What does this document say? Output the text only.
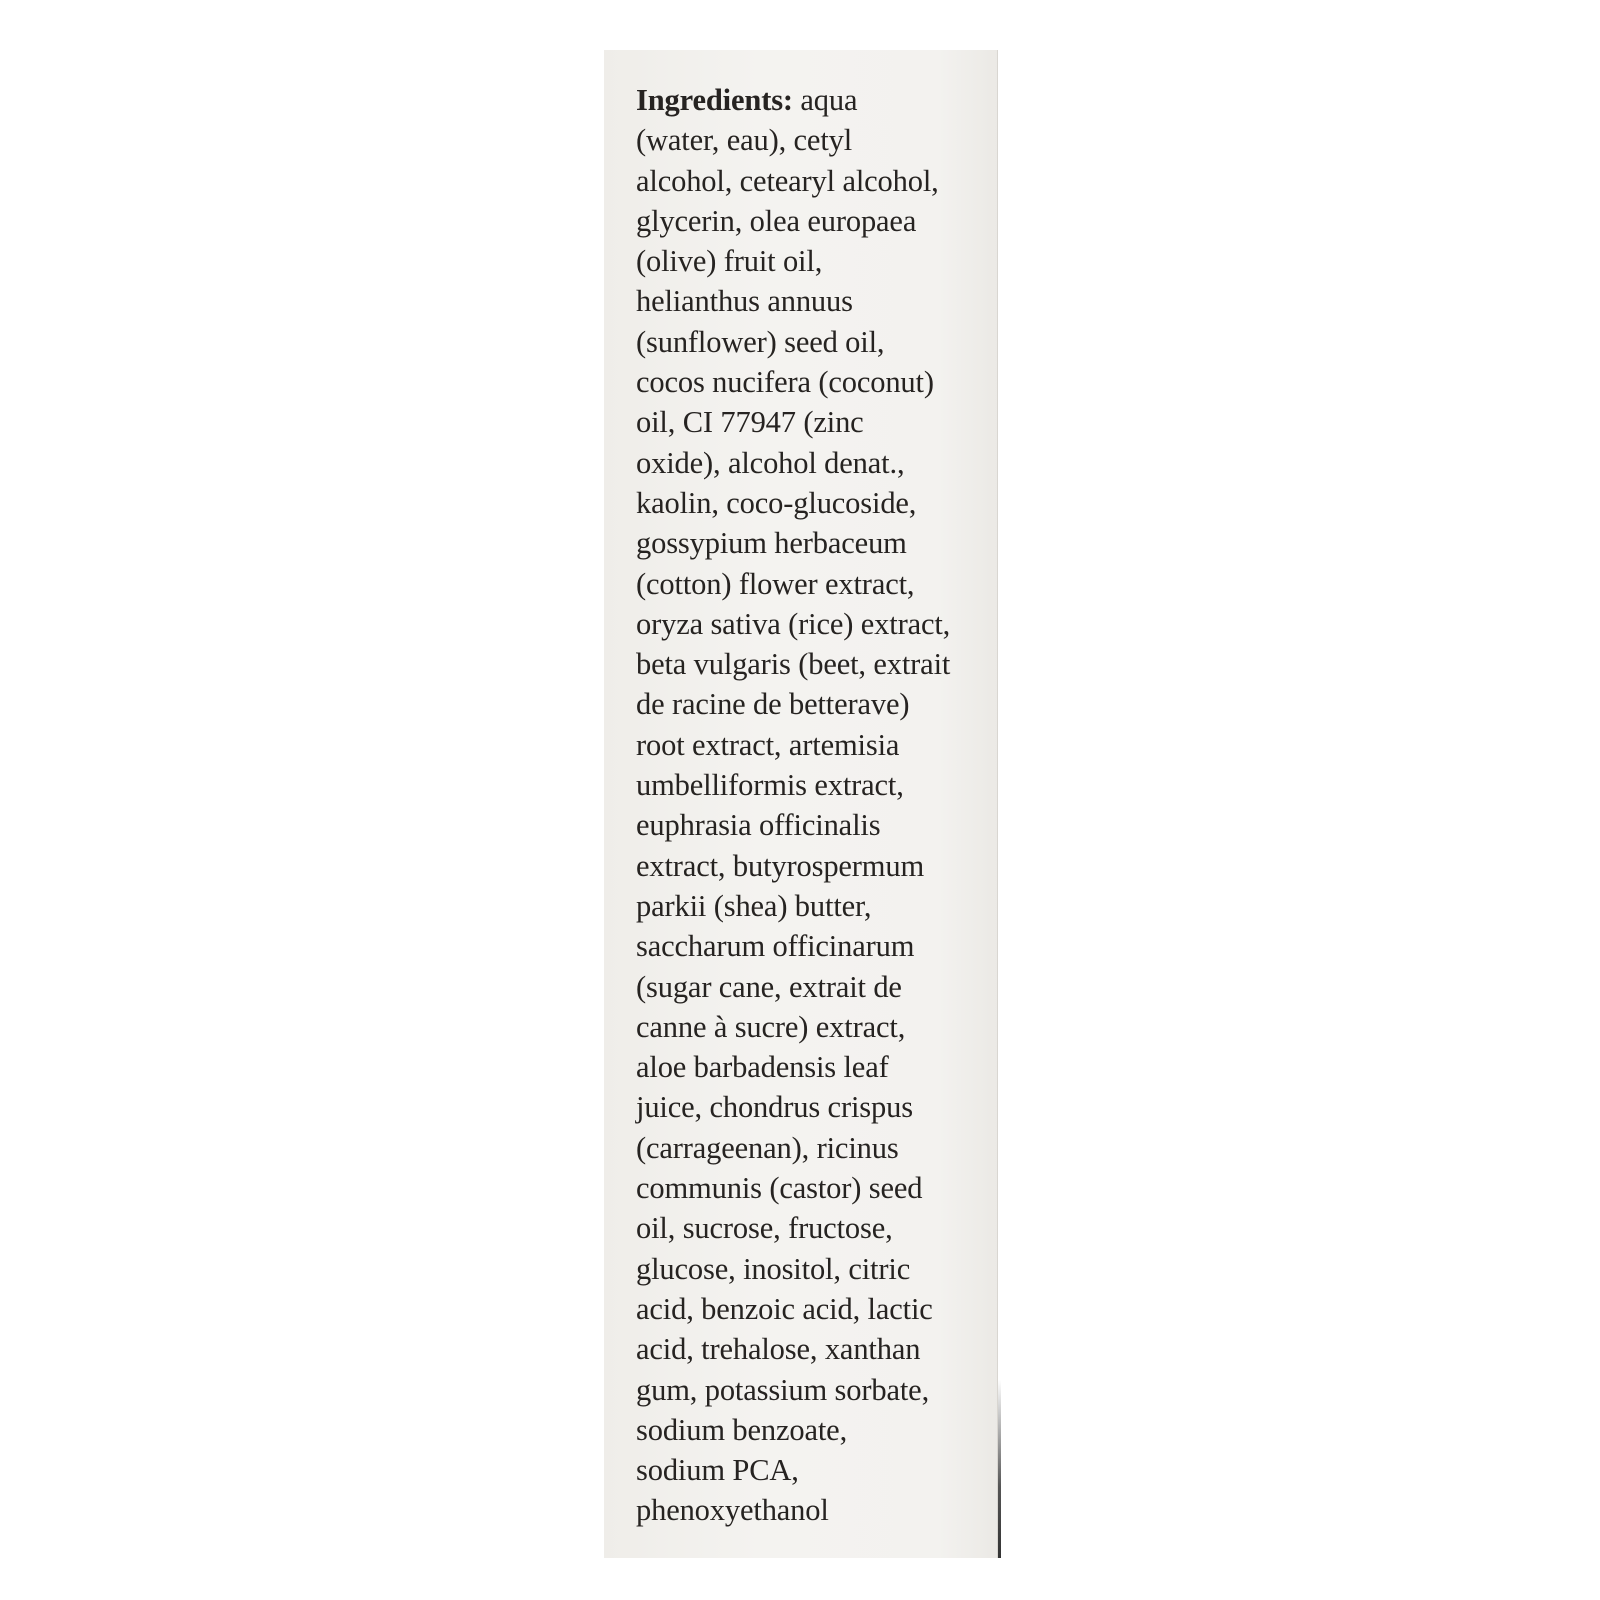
Ingredients: aqua
(water, eau), cetyl
alcohol, cetearyl alcohol,
glycerin, olea europaea
(olive) fruit oil,
helianthus annuus
(sunflower) seed oil,
cocos nucifera (coconut)
oil, CI 77947 (zinc
oxide), alcohol denat.,
kaolin, coco-glucoside,
gossypium herbaceum
(cotton) flower extract,
oryza sativa (rice) extract,
beta vulgaris (beet, extrait
de racine de betterave)
root extract, artemisia
umbelliformis extract,
euphrasia officinalis
extract, butyrospermum
parkii (shea) butter,
saccharum officinarum
(sugar cane, extrait de
canne à sucre) extract,
aloe barbadensis leaf
juice, chondrus crispus
(carrageenan), ricinus
communis (castor) seed
oil, sucrose, fructose,
glucose, inositol, citric
acid, benzoic acid, lactic
acid, trehalose, xanthan
gum, potassium sorbate,
sodium benzoate,
sodium PCA,
phenoxyethanol
